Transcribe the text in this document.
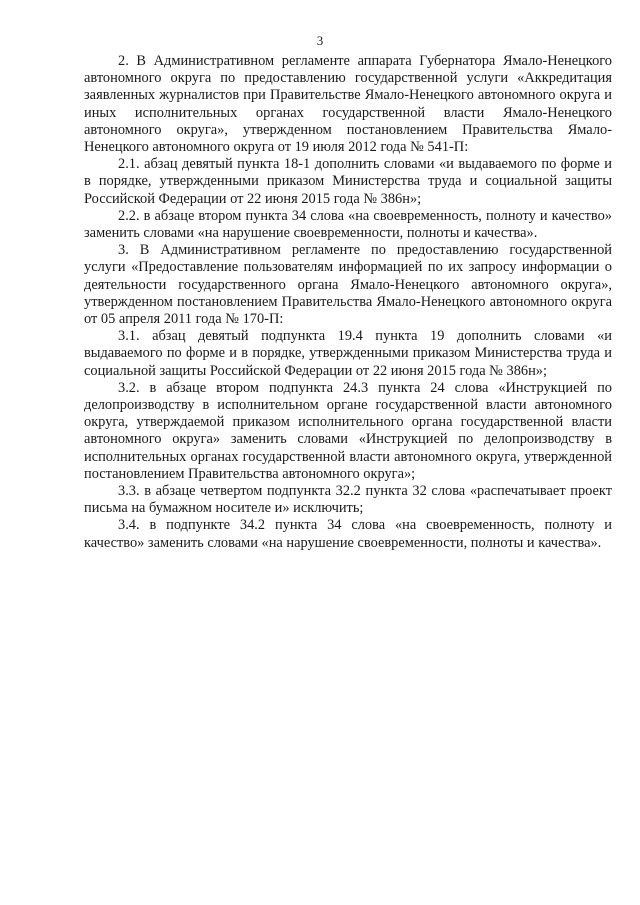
3

2. В Административном регламенте аппарата Губернатора Ямало-Ненецкого автономного округа по предоставлению государственной услуги «Аккредитация заявленных журналистов при Правительстве Ямало-Ненецкого автономного округа и иных исполнительных органах государственной власти Ямало-Ненецкого автономного округа», утвержденном постановлением Правительства Ямало-Ненецкого автономного округа от 19 июля 2012 года № 541-П:

2.1. абзац девятый пункта 18-1 дополнить словами «и выдаваемого по форме и в порядке, утвержденными приказом Министерства труда и социальной защиты Российской Федерации от 22 июня 2015 года № 386н»;

2.2. в абзаце втором пункта 34 слова «на своевременность, полноту и качество» заменить словами «на нарушение своевременности, полноты и качества».

3. В Административном регламенте по предоставлению государственной услуги «Предоставление пользователям информацией по их запросу информации о деятельности государственного органа Ямало-Ненецкого автономного округа», утвержденном постановлением Правительства Ямало-Ненецкого автономного округа от 05 апреля 2011 года № 170-П:

3.1. абзац девятый подпункта 19.4 пункта 19 дополнить словами «и выдаваемого по форме и в порядке, утвержденными приказом Министерства труда и социальной защиты Российской Федерации от 22 июня 2015 года № 386н»;

3.2. в абзаце втором подпункта 24.3 пункта 24 слова «Инструкцией по делопроизводству в исполнительном органе государственной власти автономного округа, утверждаемой приказом исполнительного органа государственной власти автономного округа» заменить словами «Инструкцией по делопроизводству в исполнительных органах государственной власти автономного округа, утвержденной постановлением Правительства автономного округа»;

3.3. в абзаце четвертом подпункта 32.2 пункта 32 слова «распечатывает проект письма на бумажном носителе и» исключить;

3.4. в подпункте 34.2 пункта 34 слова «на своевременность, полноту и качество» заменить словами «на нарушение своевременности, полноты и качества».
